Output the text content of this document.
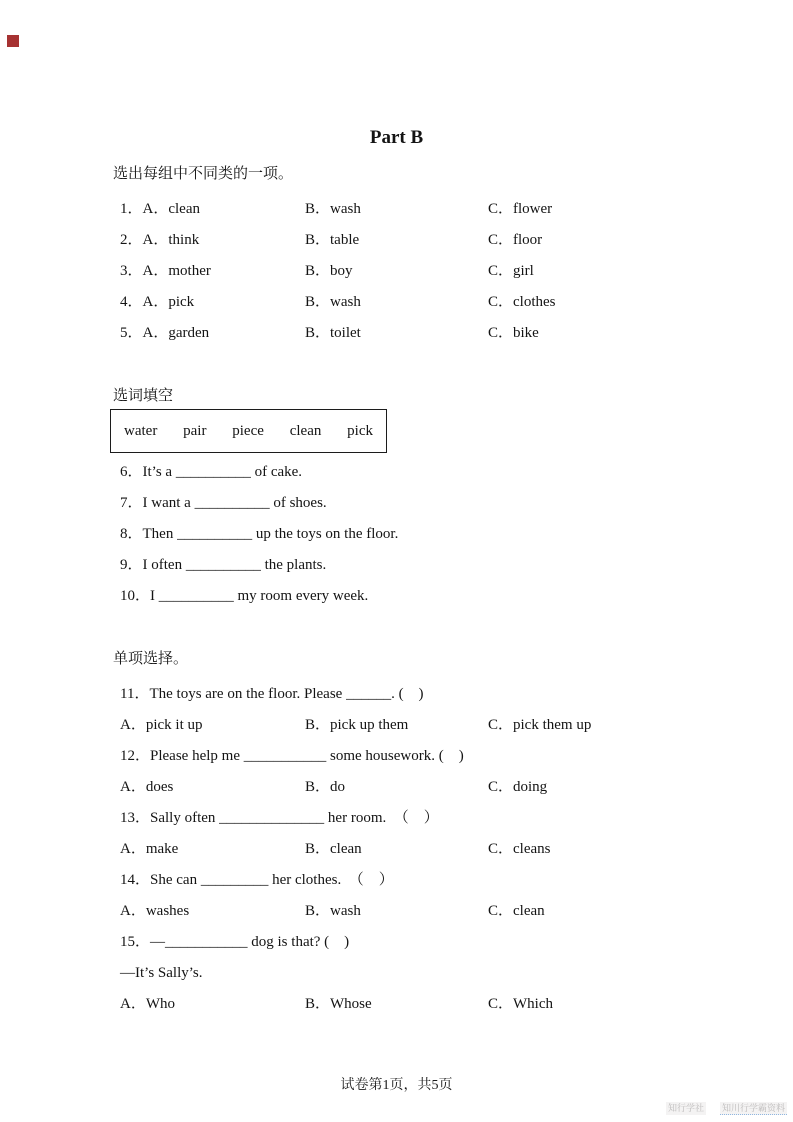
Part B
选出每组中不同类的一项。
1．A．clean	B．wash	C．flower
2．A．think	B．table	C．floor
3．A．mother	B．boy	C．girl
4．A．pick	B．wash	C．clothes
5．A．garden	B．toilet	C．bike
选词填空
water pair piece clean pick
6． It’s a __________ of cake.
7． I want a __________ of shoes.
8． Then __________ up the toys on the floor.
9． I often __________ the plants.
10． I __________ my room every week.
单项选择。
11． The toys are on the floor. Please ______. (　)
A．pick it up	B．pick up them	C．pick them up
12． Please help me ___________ some housework. (　)
A．does	B．do	C．doing
13． Sally often ______________ her room.　（　）
A．make	B．clean	C．cleans
14． She can _________ her clothes.　（　）
A．washes	B．wash	C．clean
15． —___________ dog is that? (　)
—It’s Sally’s.
A．Who	B．Whose	C．Which
试卷第1页，共5页
知行学社 知川行学霸资料
